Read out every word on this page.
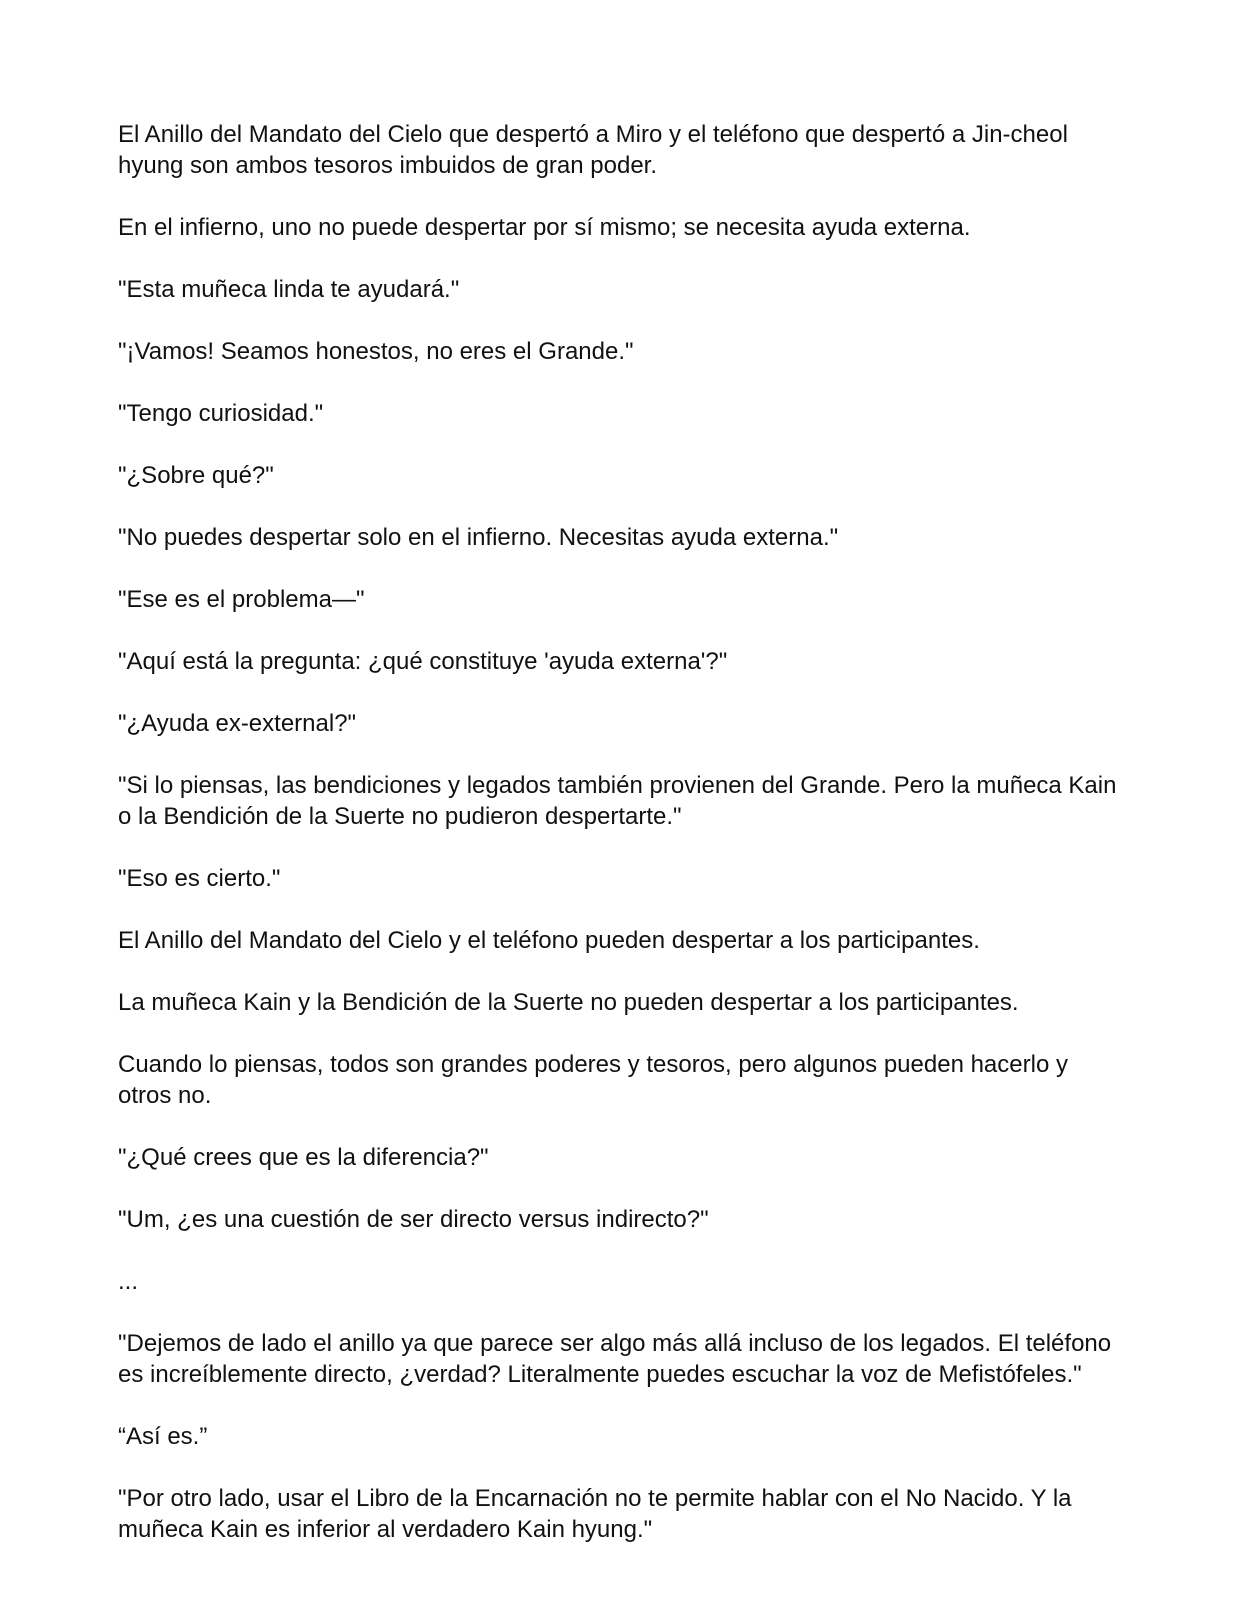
El Anillo del Mandato del Cielo que despertó a Miro y el teléfono que despertó a Jin-cheol hyung son ambos tesoros imbuidos de gran poder.

En el infierno, uno no puede despertar por sí mismo; se necesita ayuda externa.

"Esta muñeca linda te ayudará."

"¡Vamos! Seamos honestos, no eres el Grande."

"Tengo curiosidad."

"¿Sobre qué?"

"No puedes despertar solo en el infierno. Necesitas ayuda externa."

"Ese es el problema—"

"Aquí está la pregunta: ¿qué constituye 'ayuda externa'?"

"¿Ayuda ex-external?"

"Si lo piensas, las bendiciones y legados también provienen del Grande. Pero la muñeca Kain o la Bendición de la Suerte no pudieron despertarte."

"Eso es cierto."

El Anillo del Mandato del Cielo y el teléfono pueden despertar a los participantes.

La muñeca Kain y la Bendición de la Suerte no pueden despertar a los participantes.

Cuando lo piensas, todos son grandes poderes y tesoros, pero algunos pueden hacerlo y otros no.

"¿Qué crees que es la diferencia?"

"Um, ¿es una cuestión de ser directo versus indirecto?"

...

"Dejemos de lado el anillo ya que parece ser algo más allá incluso de los legados. El teléfono es increíblemente directo, ¿verdad? Literalmente puedes escuchar la voz de Mefistófeles."

“Así es.”

"Por otro lado, usar el Libro de la Encarnación no te permite hablar con el No Nacido. Y la muñeca Kain es inferior al verdadero Kain hyung."
